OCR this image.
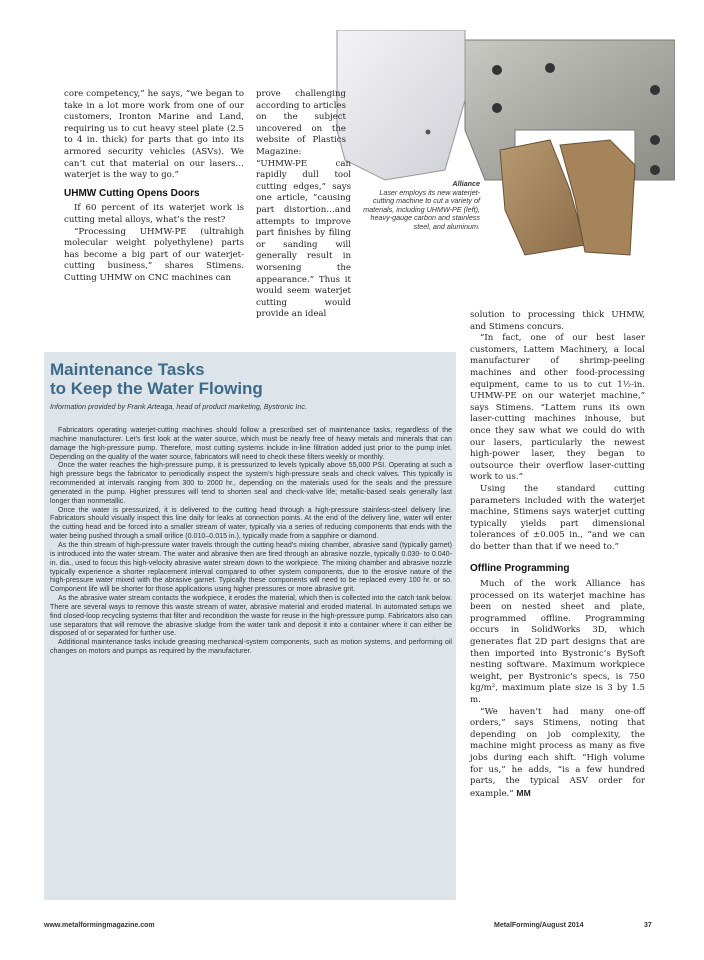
Alliance
Laser employs its new waterjet-cutting machine to cut a variety of materials, including UHMW-PE (left), heavy-gauge carbon and stainless steel, and aluminum.

core competency,” he says, “we began to take in a lot more work from one of our customers, Ironton Marine and Land, requiring us to cut heavy steel plate (2.5 to 4 in. thick) for parts that go into its armored security vehicles (ASVs). We can’t cut that material on our lasers…waterjet is the way to go.”

UHMW Cutting Opens Doors

If 60 percent of its waterjet work is cutting metal alloys, what’s the rest?

“Processing UHMW-PE (ultrahigh molecular weight polyethylene) parts has become a big part of our waterjet-cutting business,” shares Stimens. Cutting UHMW on CNC machines can

prove challenging according to articles on the subject uncovered on the website of Plastics Magazine:
“UHMW-PE can rapidly dull tool cutting edges,” says one article, “causing part distortion…and attempts to improve part finishes by filing or sanding will generally result in worsening the appearance.” Thus it would seem waterjet cutting would provide an ideal	solution to processing thick UHMW, and Stimens concurs.

“In fact, one of our best laser customers, Lattem Machinery, a local manufacturer of shrimp-peeling machines and other food-processing equipment, came to us to cut 1½-in. UHMW-PE on our waterjet machine,” says Stimens. “Lattem runs its own laser-cutting machines inhouse, but once they saw what we could do with our lasers, particularly the newest high-power laser, they began to outsource their overflow laser-cutting work to us.”

Using the standard cutting parameters included with the waterjet machine, Stimens says waterjet cutting typically yields part dimensional tolerances of ±0.005 in., “and we can do better than that if we need to.”

Offline Programming

Much of the work Alliance has processed on its waterjet machine has been on nested sheet and plate, programmed offline. Programming occurs in SolidWorks 3D, which generates flat 2D part designs that are then imported into Bystronic’s BySoft nesting software. Maximum workpiece weight, per Bystronic’s specs, is 750 kg/m², maximum plate size is 3 by 1.5 m.

“We haven’t had many one-off orders,” says Stimens, noting that depending on job complexity, the machine might process as many as five jobs during each shift. “High volume for us,” he adds, “is a few hundred parts, the typical ASV order for example.” MM

Maintenance Tasks
to Keep the Water Flowing
Information provided by Frank Arteaga, head of product marketing, Bystronic Inc.

Fabricators operating waterjet-cutting machines should follow a prescribed set of maintenance tasks, regardless of the machine manufacturer. Let’s first look at the water source, which must be nearly free of heavy metals and minerals that can damage the high-pressure pump. Therefore, most cutting systems include in-line filtration added just prior to the pump inlet. Depending on the quality of the water source, fabricators will need to check these filters weekly or monthly.

Once the water reaches the high-pressure pump, it is pressurized to levels typically above 55,000 PSI. Operating at such a high pressure begs the fabricator to periodically inspect the system’s high-pressure seals and check valves. This typically is recommended at intervals ranging from 300 to 2000 hr., depending on the materials used for the seals and the pressure generated in the pump. Higher pressures will tend to shorten seal and check-valve life; metallic-based seals generally last longer than nonmetallic.

Once the water is pressurized, it is delivered to the cutting head through a high-pressure stainless-steel delivery line. Fabricators should visually inspect this line daily for leaks at connection points. At the end of the delivery line, water will enter the cutting head and be forced into a smaller stream of water, typically via a series of reducing components that ends with the water being pushed through a small orifice (0.010–0.015 in.), typically made from a sapphire or diamond.

As the thin stream of high-pressure water travels through the cutting head’s mixing chamber, abrasive sand (typically garnet) is introduced into the water stream. The water and abrasive then are fired through an abrasive nozzle, typically 0.030- to 0.040-in. dia., used to focus this high-velocity abrasive water stream down to the workpiece. The mixing chamber and abrasive nozzle typically experience a shorter replacement interval compared to other system components, due to the erosive nature of the high-pressure water mixed with the abrasive garnet. Typically these components will need to be replaced every 100 hr. or so. Component life will be shorter for those applications using higher pressures or more abrasive grit.

As the abrasive water stream contacts the workpiece, it erodes the material, which then is collected into the catch tank below. There are several ways to remove this waste stream of water, abrasive material and eroded material. In automated setups we find closed-loop recycling systems that filter and recondition the waste for reuse in the high-pressure pump. Fabricators also can use separators that will remove the abrasive sludge from the water tank and deposit it into a container where it can either be disposed of or separated for further use.

Additional maintenance tasks include greasing mechanical-system components, such as motion systems, and performing oil changes on motors and pumps as required by the manufacturer.

www.metalformingmagazine.com	MetalForming/August 2014	37
